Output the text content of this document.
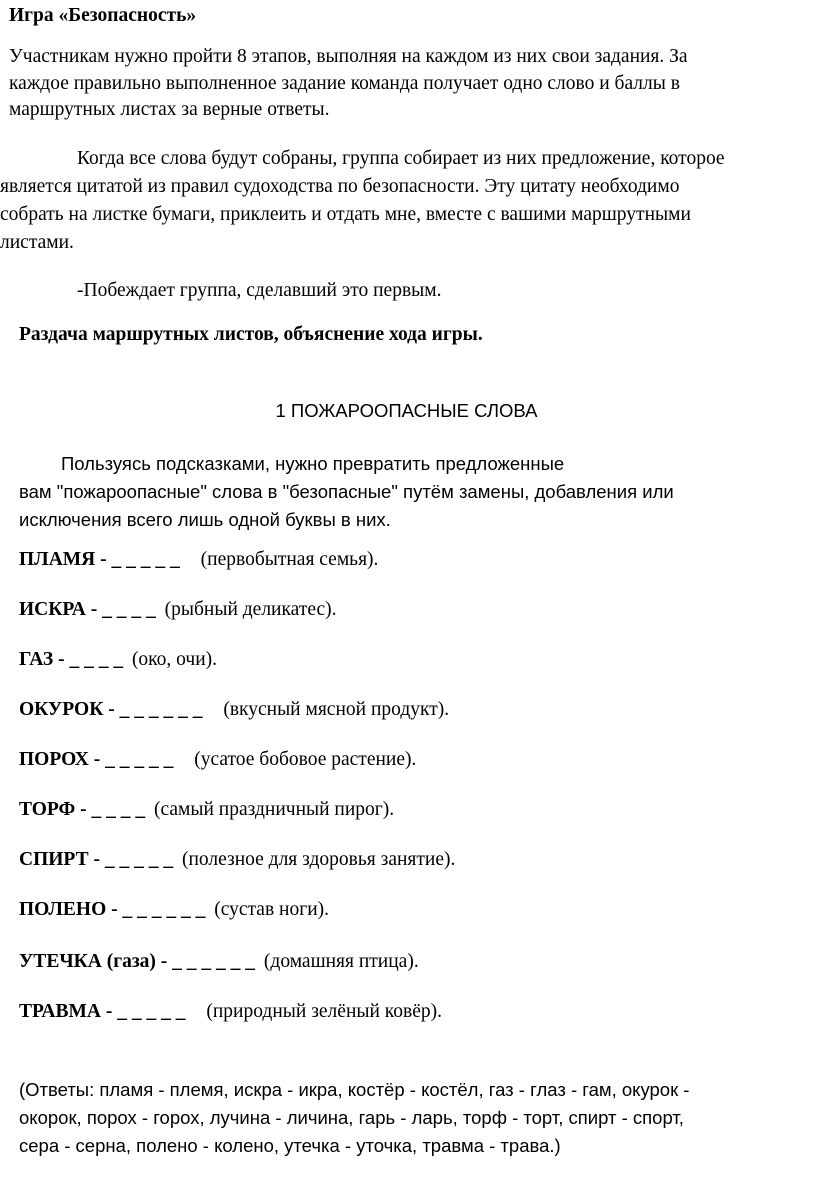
Игра «Безопасность»
Участникам нужно пройти 8 этапов, выполняя на каждом из них свои задания. За
каждое правильно выполненное задание команда получает одно слово и баллы в
маршрутных листах за верные ответы.
Когда все слова будут собраны, группа собирает из них предложение, которое
является цитатой из правил судоходства по безопасности. Эту цитату необходимо
собрать на листке бумаги, приклеить и отдать мне, вместе с вашими маршрутными
листами.
-Побеждает группа, сделавший это первым.
Раздача маршрутных листов, объяснение хода игры.
1 ПОЖАРООПАСНЫЕ СЛОВА
Пользуясь подсказками, нужно превратить предложенные
вам "пожароопасные" слова в "безопасные" путём замены, добавления или
исключения всего лишь одной буквы в них.
ПЛАМЯ - _ _ _ _ _ (первобытная семья).
ИСКРА - _ _ _ _ (рыбный деликатес).
ГАЗ - _ _ _ _ (око, очи).
ОКУРОК - _ _ _ _ _ _ (вкусный мясной продукт).
ПОРОХ - _ _ _ _ _ (усатое бобовое растение).
ТОРФ - _ _ _ _ (самый праздничный пирог).
СПИРТ - _ _ _ _ _ (полезное для здоровья занятие).
ПОЛЕНО - _ _ _ _ _ _ (сустав ноги).
УТЕЧКА (газа) - _ _ _ _ _ _ (домашняя птица).
ТРАВМА - _ _ _ _ _ (природный зелёный ковёр).
(Ответы: пламя - племя, искра - икра, костёр - костёл, газ - глаз - гам, окурок -
окорок, порох - горох, лучина - личина, гарь - ларь, торф - торт, спирт - спорт,
сера - серна, полено - колено, утечка - уточка, травма - трава.)
